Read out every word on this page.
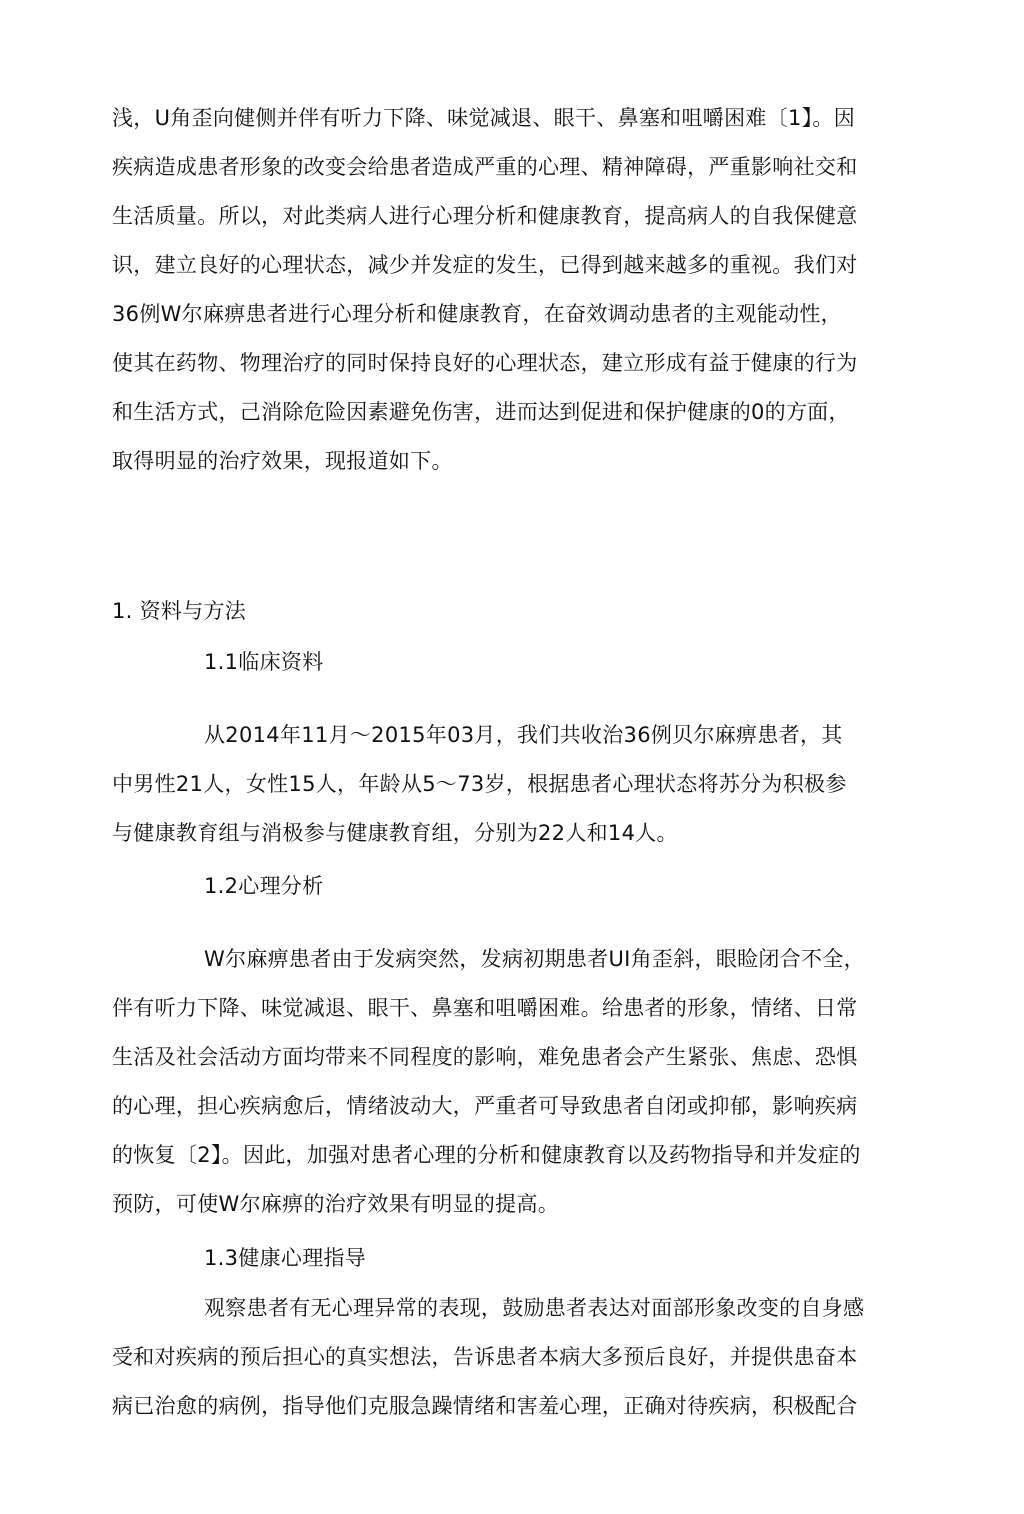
浅，U角歪向健侧并伴有听力下降、味觉减退、眼干、鼻塞和咀嚼困难〔1】。因
疾病造成患者形象的改变会给患者造成严重的心理、精神障碍，严重影响社交和
生活质量。所以，对此类病人进行心理分析和健康教育，提高病人的自我保健意
识，建立良好的心理状态，减少并发症的发生，已得到越来越多的重视。我们对
36例W尔麻痹患者进行心理分析和健康教育，在奋效调动患者的主观能动性，
使其在药物、物理治疗的同时保持良好的心理状态，建立形成有益于健康的行为
和生活方式，己消除危险因素避免伤害，进而达到促进和保护健康的0的方面，
取得明显的治疗效果，现报道如下。
1. 资料与方法
1.1临床资料
从2014年11月～2015年03月，我们共收治36例贝尔麻痹患者，其
中男性21人，女性15人，年龄从5～73岁，根据患者心理状态将苏分为积极参
与健康教育组与消极参与健康教育组，分别为22人和14人。
1.2心理分析
W尔麻痹患者由于发病突然，发病初期患者UI角歪斜，眼睑闭合不全，
伴有听力下降、味觉减退、眼干、鼻塞和咀嚼困难。给患者的形象，情绪、日常
生活及社会活动方面均带来不同程度的影响，难免患者会产生紧张、焦虑、恐惧
的心理，担心疾病愈后，情绪波动大，严重者可导致患者自闭或抑郁，影响疾病
的恢复〔2】。因此，加强对患者心理的分析和健康教育以及药物指导和并发症的
预防，可使W尔麻痹的治疗效果有明显的提高。
1.3健康心理指导
观察患者有无心理异常的表现，鼓励患者表达对面部形象改变的自身感
受和对疾病的预后担心的真实想法，告诉患者本病大多预后良好，并提供患奋本
病已治愈的病例，指导他们克服急躁情绪和害羞心理，正确对待疾病，积极配合
